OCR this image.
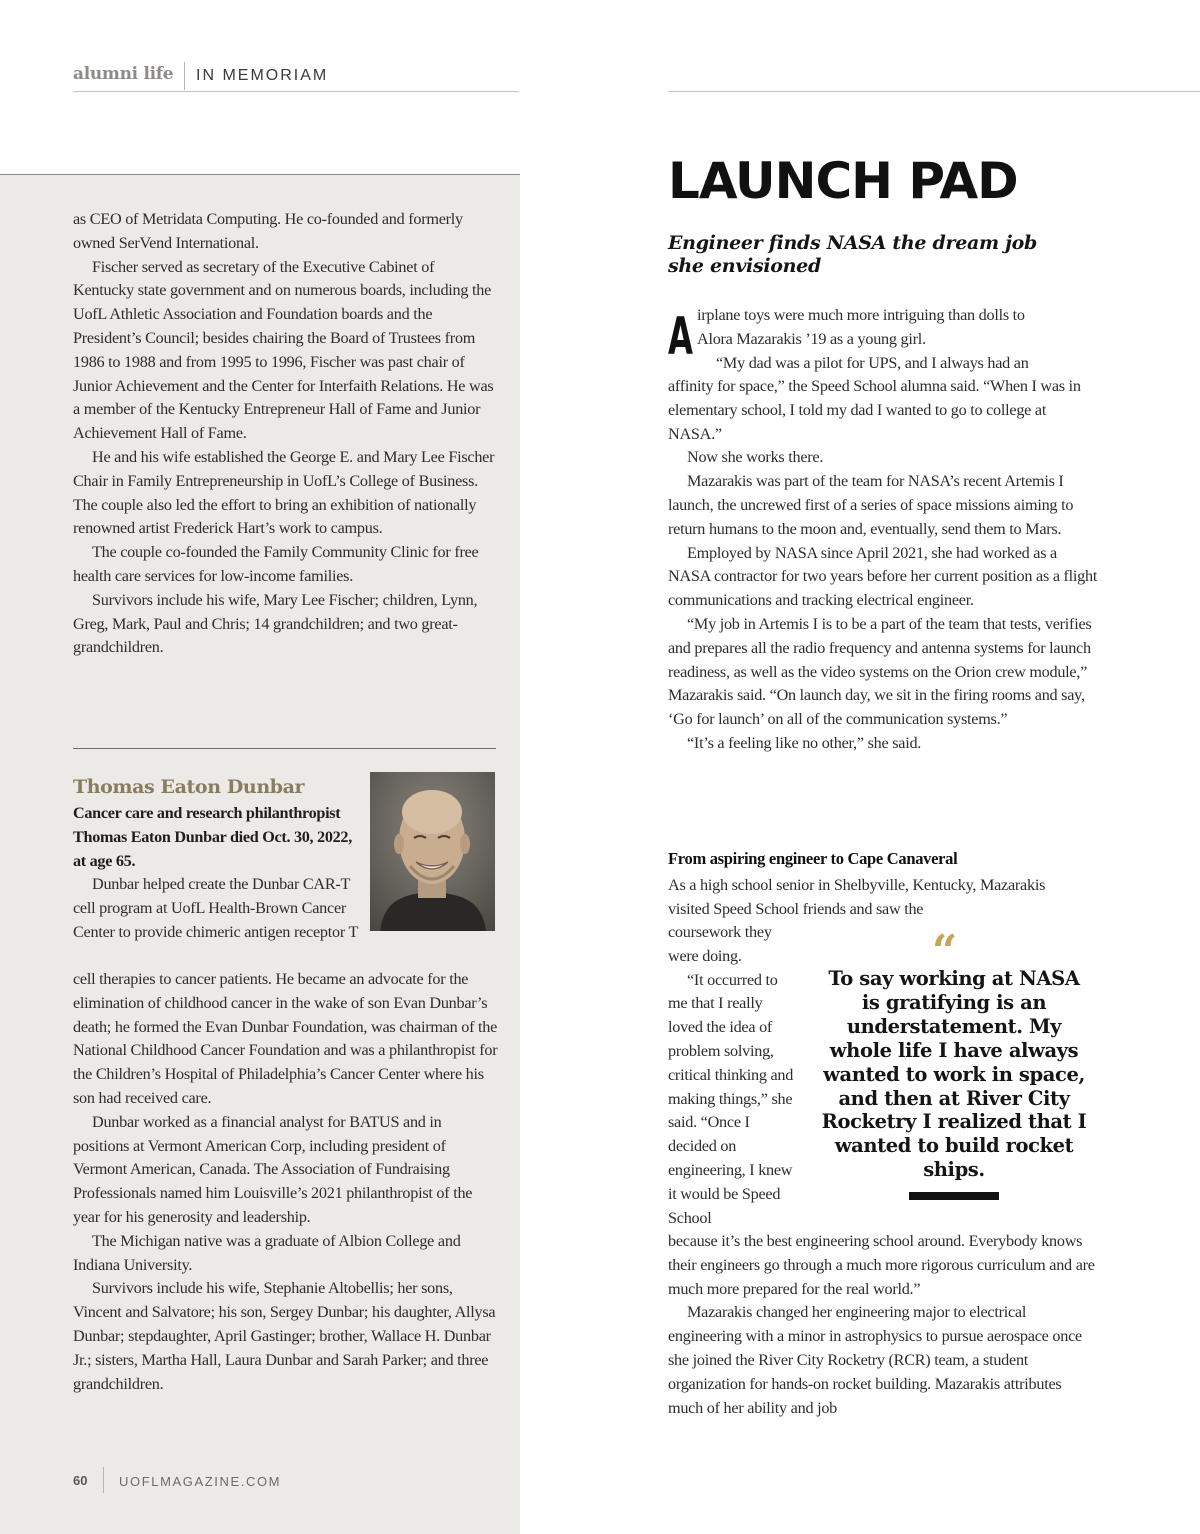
alumni life IN MEMORIAM

as CEO of Metridata Computing. He co-founded and formerly owned SerVend International.

Fischer served as secretary of the Executive Cabinet of Kentucky state government and on numerous boards, including the UofL Athletic Association and Foundation boards and the President’s Council; besides chairing the Board of Trustees from 1986 to 1988 and from 1995 to 1996, Fischer was past chair of Junior Achievement and the Center for Interfaith Relations. He was a member of the Kentucky Entrepreneur Hall of Fame and Junior Achievement Hall of Fame.

He and his wife established the George E. and Mary Lee Fischer Chair in Family Entrepreneurship in UofL’s College of Business. The couple also led the effort to bring an exhibition of nationally renowned artist Frederick Hart’s work to campus.

The couple co-founded the Family Community Clinic for free health care services for low-income families.

Survivors include his wife, Mary Lee Fischer; children, Lynn, Greg, Mark, Paul and Chris; 14 grandchildren; and two great-grandchildren.

Thomas Eaton Dunbar
Cancer care and research philanthropist Thomas Eaton Dunbar died Oct. 30, 2022, at age 65.

Dunbar helped create the Dunbar CAR-T cell program at UofL Health-Brown Cancer Center to provide chimeric antigen receptor T

cell therapies to cancer patients. He became an advocate for the elimination of childhood cancer in the wake of son Evan Dunbar’s death; he formed the Evan Dunbar Foundation, was chairman of the National Childhood Cancer Foundation and was a philanthropist for the Children’s Hospital of Philadelphia’s Cancer Center where his son had received care.

Dunbar worked as a financial analyst for BATUS and in positions at Vermont American Corp, including president of Vermont American, Canada. The Association of Fundraising Professionals named him Louisville’s 2021 philanthropist of the year for his generosity and leadership.

The Michigan native was a graduate of Albion College and Indiana University.

Survivors include his wife, Stephanie Altobellis; her sons, Vincent and Salvatore; his son, Sergey Dunbar; his daughter, Allysa Dunbar; stepdaughter, April Gastinger; brother, Wallace H. Dunbar Jr.; sisters, Martha Hall, Laura Dunbar and Sarah Parker; and three grandchildren.

60 UOFLMAGAZINE.COM
LAUNCH PAD
Engineer finds NASA the dream job she envisioned
A irplane toys were much more intriguing than dolls to

Alora Mazarakis ’19 as a young girl.

“My dad was a pilot for UPS, and I always had an

affinity for space,” the Speed School alumna said. “When I was in elementary school, I told my dad I wanted to go to college at NASA.”

Now she works there.

Mazarakis was part of the team for NASA’s recent Artemis I launch, the uncrewed first of a series of space missions aiming to return humans to the moon and, eventually, send them to Mars.

Employed by NASA since April 2021, she had worked as a NASA contractor for two years before her current position as a flight communications and tracking electrical engineer.

“My job in Artemis I is to be a part of the team that tests, verifies and prepares all the radio frequency and antenna systems for launch readiness, as well as the video systems on the Orion crew module,” Mazarakis said. “On launch day, we sit in the firing rooms and say, ‘Go for launch’ on all of the communication systems.”

“It’s a feeling like no other,” she said.

From aspiring engineer to Cape Canaveral

As a high school senior in Shelbyville, Kentucky, Mazarakis visited Speed School friends and saw the

coursework they were doing.

“It occurred to me that I really loved the idea of problem solving, critical thinking and making things,” she said. “Once I decided on engineering, I knew it would be Speed School

“
To say working at NASA is gratifying is an understatement. My whole life I have always wanted to work in space, and then at River City Rocketry I realized that I wanted to build rocket ships.

because it’s the best engineering school around. Everybody knows their engineers go through a much more rigorous curriculum and are much more prepared for the real world.”

Mazarakis changed her engineering major to electrical engineering with a minor in astrophysics to pursue aerospace once she joined the River City Rocketry (RCR) team, a student organization for hands-on rocket building. Mazarakis attributes much of her ability and job
